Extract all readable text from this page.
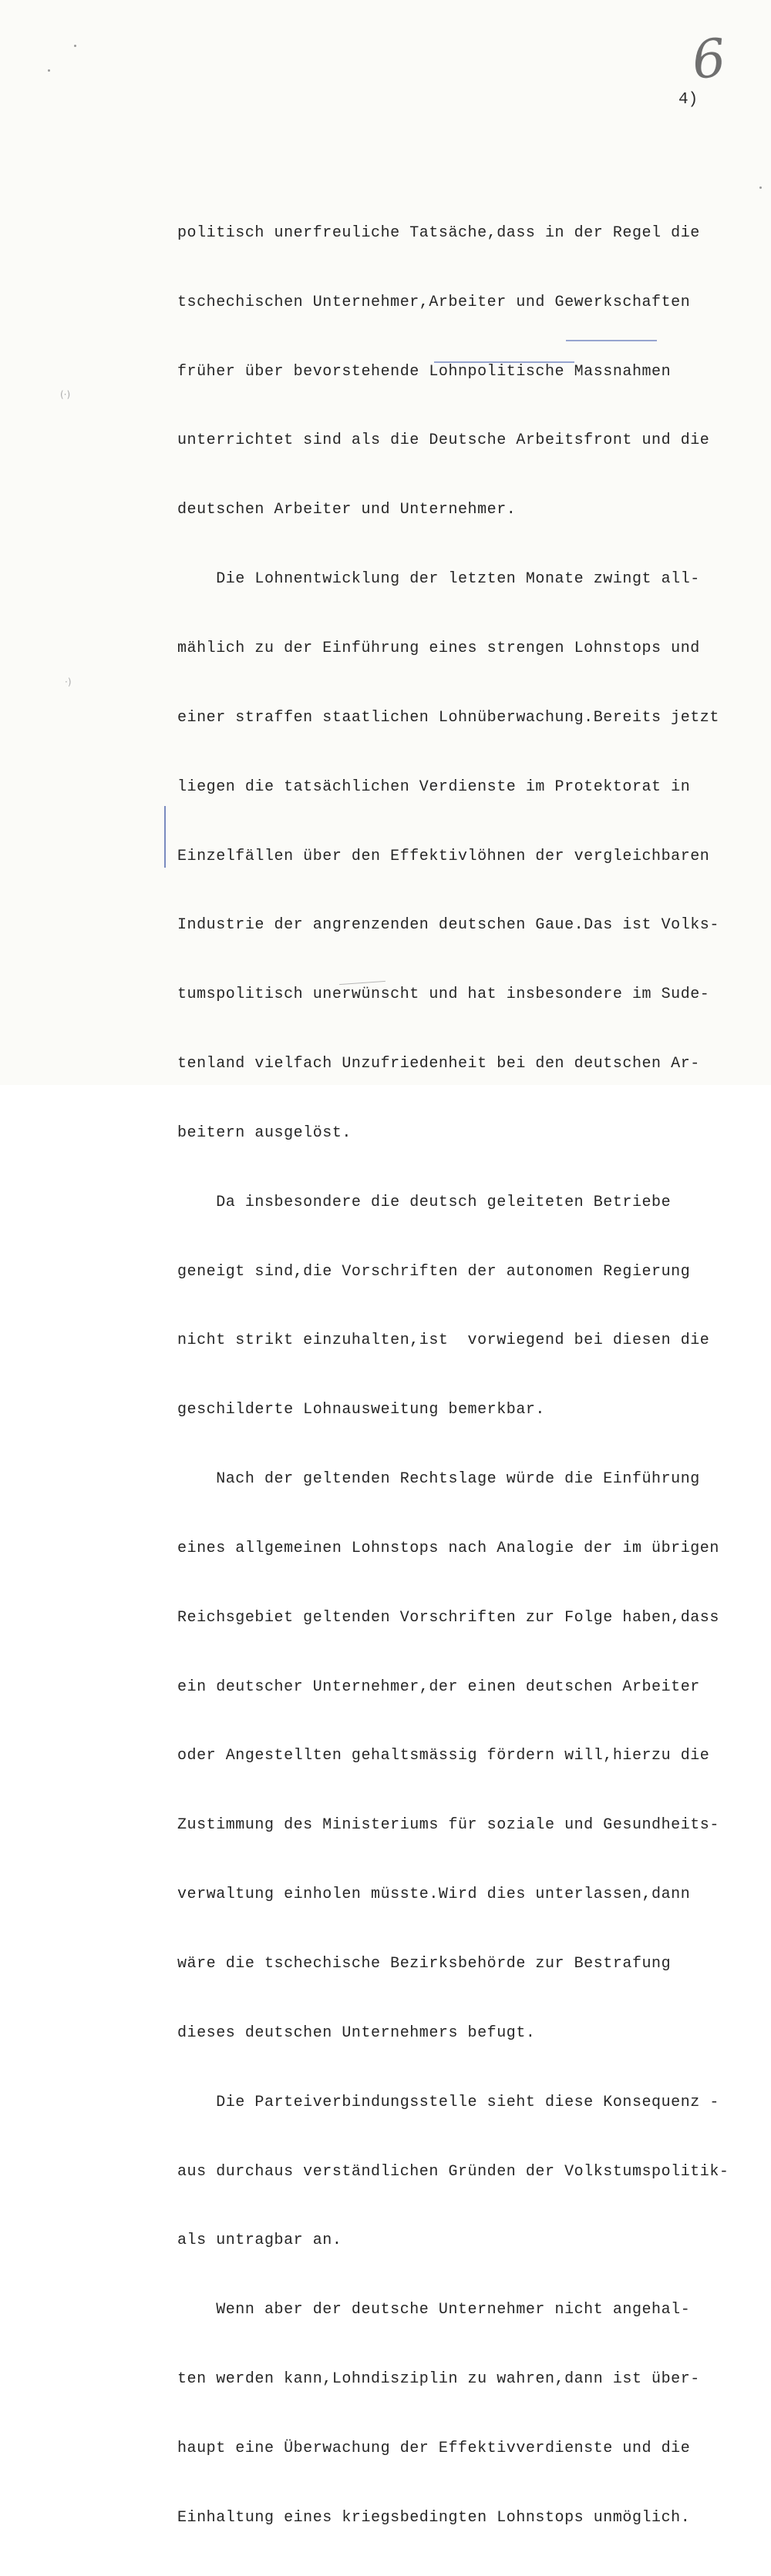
6
4)

politisch unerfreuliche Tatsäche,dass in der Regel die

tschechischen Unternehmer,Arbeiter und Gewerkschaften

früher über bevorstehende Lohnpolitische Massnahmen

unterrichtet sind als die Deutsche Arbeitsfront und die

deutschen Arbeiter und Unternehmer.

Die Lohnentwicklung der letzten Monate zwingt all-

mählich zu der Einführung eines strengen Lohnstops und

einer straffen staatlichen Lohnüberwachung.Bereits jetzt

liegen die tatsächlichen Verdienste im Protektorat in

Einzelfällen über den Effektivlöhnen der vergleichbaren

Industrie der angrenzenden deutschen Gaue.Das ist Volks-

tumspolitisch unerwünscht und hat insbesondere im Sude-

tenland vielfach Unzufriedenheit bei den deutschen Ar-

beitern ausgelöst.

Da insbesondere die deutsch geleiteten Betriebe

geneigt sind,die Vorschriften der autonomen Regierung

nicht strikt einzuhalten,ist  vorwiegend bei diesen die

geschilderte Lohnausweitung bemerkbar.

Nach der geltenden Rechtslage würde die Einführung

eines allgemeinen Lohnstops nach Analogie der im übrigen

Reichsgebiet geltenden Vorschriften zur Folge haben,dass

ein deutscher Unternehmer,der einen deutschen Arbeiter

oder Angestellten gehaltsmässig fördern will,hierzu die

Zustimmung des Ministeriums für soziale und Gesundheits-

verwaltung einholen müsste.Wird dies unterlassen,dann

wäre die tschechische Bezirksbehörde zur Bestrafung

dieses deutschen Unternehmers befugt.

Die Parteiverbindungsstelle sieht diese Konsequenz -

aus durchaus verständlichen Gründen der Volkstumspolitik-

als untragbar an.

Wenn aber der deutsche Unternehmer nicht angehal-

ten werden kann,Lohndisziplin zu wahren,dann ist über-

haupt eine Überwachung der Effektivverdienste und die

Einhaltung eines kriegsbedingten Lohnstops unmöglich.

(·)
·)
